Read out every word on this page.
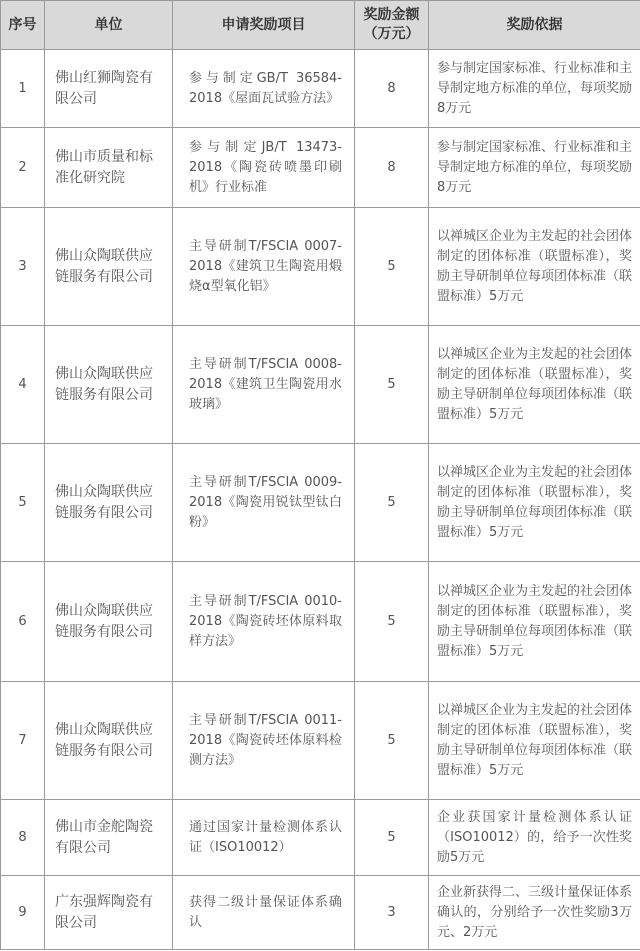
序号	单位	申请奖励项目	奖励金额（万元）	奖励依据
1	佛山红狮陶瓷有限公司	参与制定GB/T 36584-2018《屋面瓦试验方法》	8	参与制定国家标准、行业标准和主导制定地方标准的单位，每项奖励8万元
2	佛山市质量和标准化研究院	参与制定JB/T 13473-2018《陶瓷砖喷墨印刷机》行业标准	8	参与制定国家标准、行业标准和主导制定地方标准的单位，每项奖励8万元
3	佛山众陶联供应链服务有限公司	主导研制T/FSCIA 0007-2018《建筑卫生陶瓷用煅烧α型氧化铝》	5	以禅城区企业为主发起的社会团体制定的团体标准（联盟标准），奖励主导研制单位每项团体标准（联盟标准）5万元
4	佛山众陶联供应链服务有限公司	主导研制T/FSCIA 0008-2018《建筑卫生陶瓷用水玻璃》	5	以禅城区企业为主发起的社会团体制定的团体标准（联盟标准），奖励主导研制单位每项团体标准（联盟标准）5万元
5	佛山众陶联供应链服务有限公司	主导研制T/FSCIA 0009-2018《陶瓷用锐钛型钛白粉》	5	以禅城区企业为主发起的社会团体制定的团体标准（联盟标准），奖励主导研制单位每项团体标准（联盟标准）5万元
6	佛山众陶联供应链服务有限公司	主导研制T/FSCIA 0010-2018《陶瓷砖坯体原料取样方法》	5	以禅城区企业为主发起的社会团体制定的团体标准（联盟标准），奖励主导研制单位每项团体标准（联盟标准）5万元
7	佛山众陶联供应链服务有限公司	主导研制T/FSCIA 0011-2018《陶瓷砖坯体原料检测方法》	5	以禅城区企业为主发起的社会团体制定的团体标准（联盟标准），奖励主导研制单位每项团体标准（联盟标准）5万元
8	佛山市金舵陶瓷有限公司	通过国家计量检测体系认证（ISO10012）	5	企业获国家计量检测体系认证（ISO10012）的，给予一次性奖励5万元
9	广东强辉陶瓷有限公司	获得二级计量保证体系确认	3	企业新获得二、三级计量保证体系确认的，分别给予一次性奖励3万元、2万元
